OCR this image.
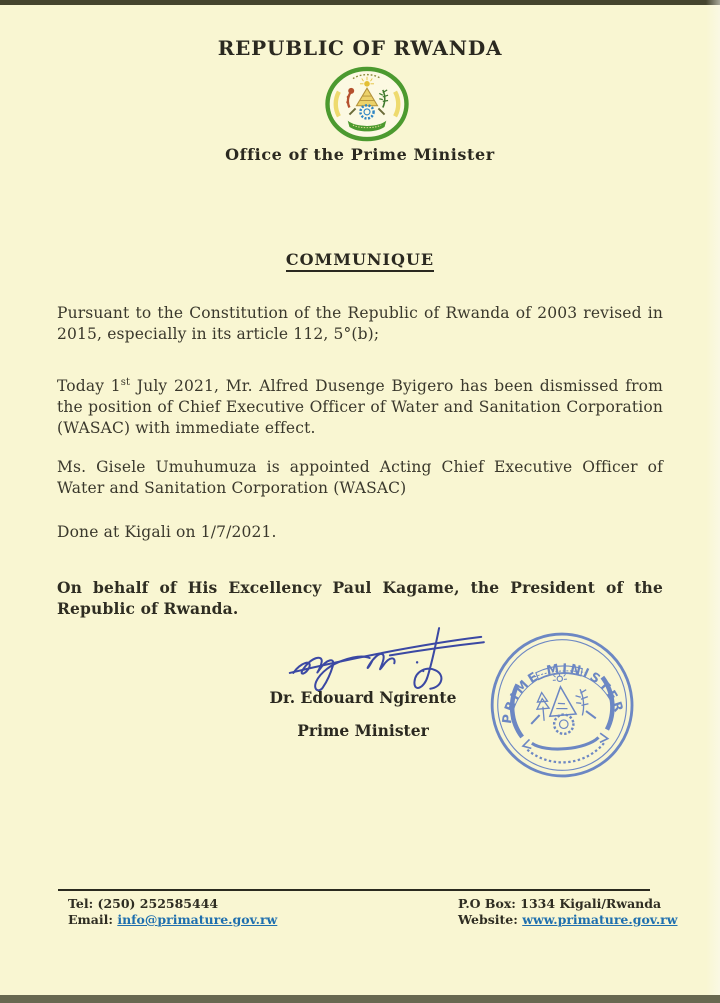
REPUBLIC OF RWANDA
Office of the Prime Minister
COMMUNIQUE

Pursuant to the Constitution of the Republic of Rwanda of 2003 revised in 2015, especially in its article 112, 5°(b);

Today 1st July 2021, Mr. Alfred Dusenge Byigero has been dismissed from the position of Chief Executive Officer of Water and Sanitation Corporation (WASAC) with immediate effect.

Ms. Gisele Umuhumuza is appointed Acting Chief Executive Officer of Water and Sanitation Corporation (WASAC)

Done at Kigali on 1/7/2021.

On behalf of His Excellency Paul Kagame, the President of the Republic of Rwanda.

Dr. Edouard Ngirente
Prime Minister
PRIME MINISTER
Tel: (250) 252585444
Email: info@primature.gov.rw
P.O Box: 1334 Kigali/Rwanda
Website: www.primature.gov.rw
